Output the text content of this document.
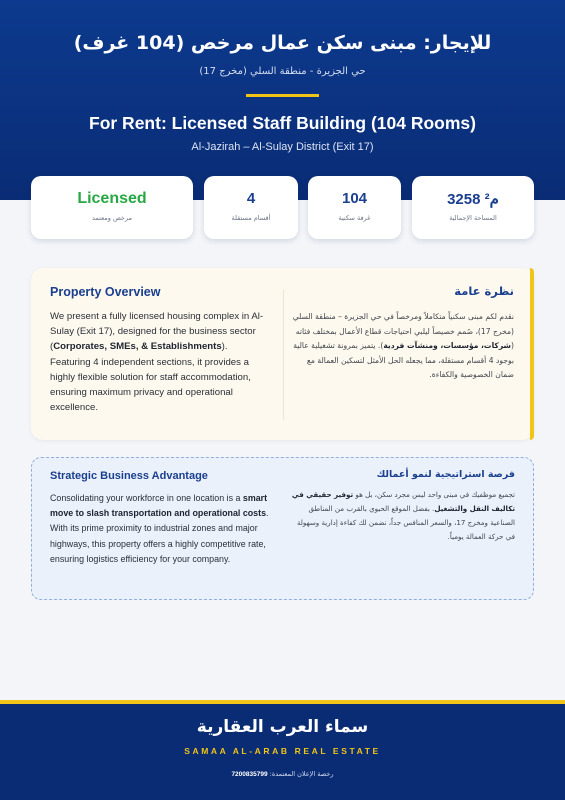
للإيجار: مبنى سكن عمال مرخص (104 غرف)
حي الجزيرة - منطقة السلي (مخرج 17)
For Rent: Licensed Staff Building (104 Rooms)
Al-Jazirah – Al-Sulay District (Exit 17)
Licensed
مرخص ومعتمد
4
أقسام مستقلة
104
غرفة سكنية
3258 م²
المساحة الإجمالية
Property Overview

We present a fully licensed housing complex in Al-Sulay (Exit 17), designed for the business sector (Corporates, SMEs, & Establishments). Featuring 4 independent sections, it provides a highly flexible solution for staff accommodation, ensuring maximum privacy and operational excellence.

نظرة عامة

نقدم لكم مبنى سكنياً متكاملاً ومرخصاً في حي الجزيرة – منطقة السلي (مخرج 17)، صُمم خصيصاً ليلبي احتياجات قطاع الأعمال بمختلف فئاته (شركات، مؤسسات، ومنشآت فردية). يتميز بمرونة تشغيلية عالية بوجود 4 أقسام مستقلة، مما يجعله الحل الأمثل لتسكين العمالة مع ضمان الخصوصية والكفاءة.

Strategic Business Advantage

Consolidating your workforce in one location is a smart move to slash transportation and operational costs. With its prime proximity to industrial zones and major highways, this property offers a highly competitive rate, ensuring logistics efficiency for your company.

فرصة استراتيجية لنمو أعمالك

تجميع موظفيك في مبنى واحد ليس مجرد سكن، بل هو توفير حقيقي في تكاليف النقل والتشغيل. بفضل الموقع الحيوي بالقرب من المناطق الصناعية ومخرج 17، والسعر المنافس جداً، نضمن لك كفاءة إدارية وسهولة في حركة العمالة يومياً.

سماء العرب العقارية
SAMAA AL-ARAB REAL ESTATE
رخصة الإعلان المعتمدة: 7200835799
